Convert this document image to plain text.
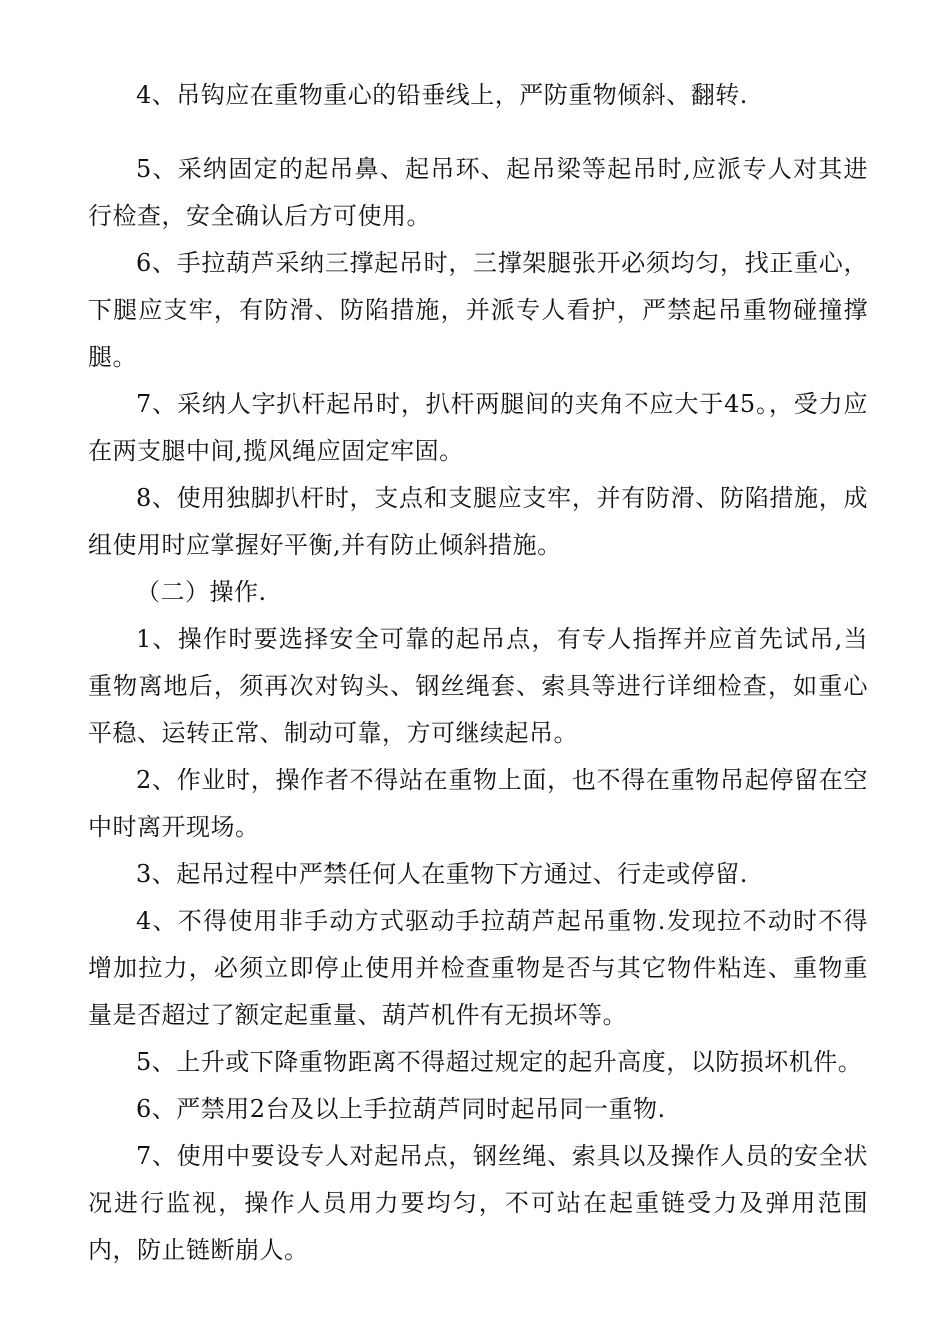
4、吊钩应在重物重心的铅垂线上，严防重物倾斜、翻转.

5、采纳固定的起吊鼻、起吊环、起吊梁等起吊时,应派专人对其进行检查，安全确认后方可使用。

6、手拉葫芦采纳三撑起吊时，三撑架腿张开必须均匀，找正重心，下腿应支牢，有防滑、防陷措施，并派专人看护，严禁起吊重物碰撞撑腿。

7、采纳人字扒杆起吊时，扒杆两腿间的夹角不应大于45。，受力应在两支腿中间,揽风绳应固定牢固。

8、使用独脚扒杆时，支点和支腿应支牢，并有防滑、防陷措施，成组使用时应掌握好平衡,并有防止倾斜措施。

（二）操作.

1、操作时要选择安全可靠的起吊点，有专人指挥并应首先试吊,当重物离地后，须再次对钩头、钢丝绳套、索具等进行详细检查，如重心平稳、运转正常、制动可靠，方可继续起吊。

2、作业时，操作者不得站在重物上面，也不得在重物吊起停留在空中时离开现场。

3、起吊过程中严禁任何人在重物下方通过、行走或停留.

4、不得使用非手动方式驱动手拉葫芦起吊重物.发现拉不动时不得增加拉力，必须立即停止使用并检查重物是否与其它物件粘连、重物重量是否超过了额定起重量、葫芦机件有无损坏等。

5、上升或下降重物距离不得超过规定的起升高度，以防损坏机件。

6、严禁用2台及以上手拉葫芦同时起吊同一重物.

7、使用中要设专人对起吊点，钢丝绳、索具以及操作人员的安全状况进行监视，操作人员用力要均匀，不可站在起重链受力及弹用范围内，防止链断崩人。
